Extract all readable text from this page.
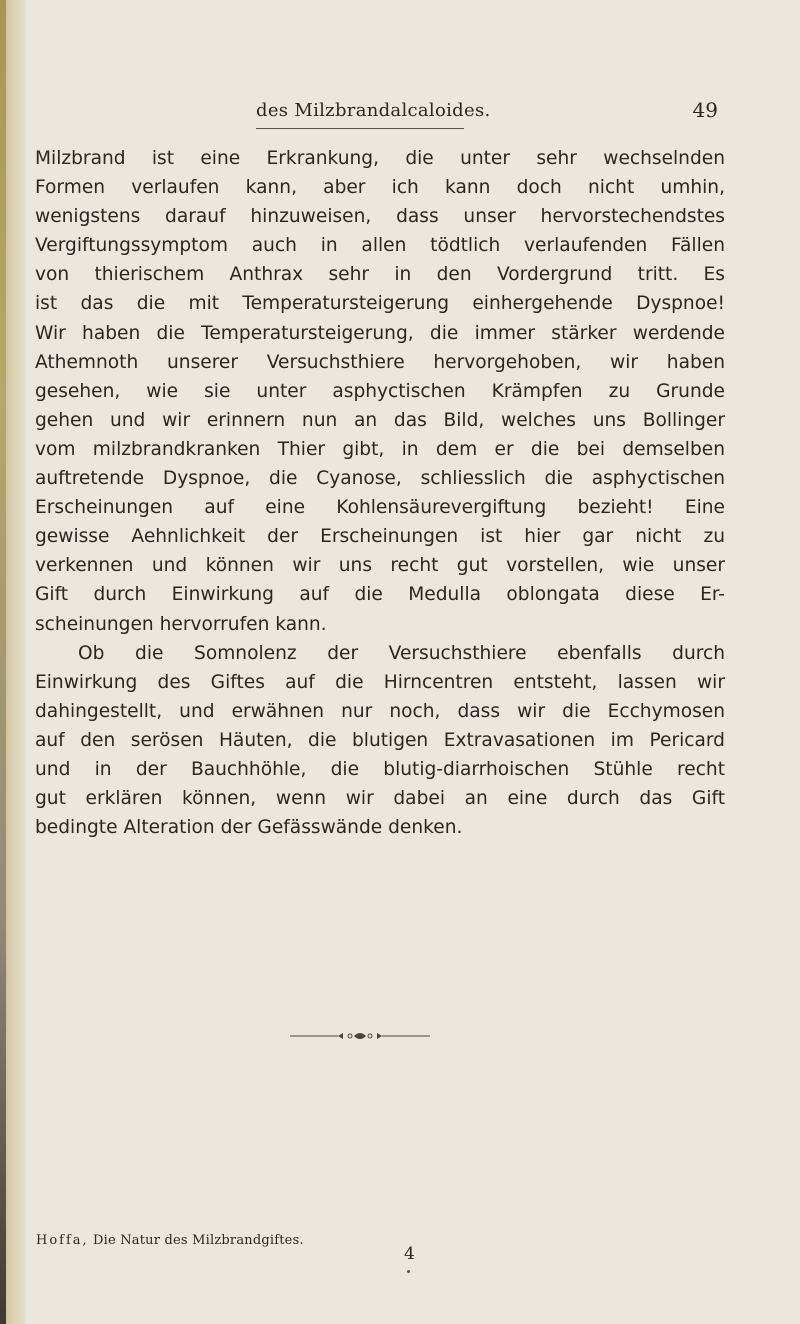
des Milzbrandalcaloides.	49
Milzbrand ist eine Erkrankung, die unter sehr wechselnden
Formen verlaufen kann, aber ich kann doch nicht umhin,
wenigstens darauf hinzuweisen, dass unser hervorstechendstes
Vergiftungssymptom auch in allen tödtlich verlaufenden Fällen
von thierischem Anthrax sehr in den Vordergrund tritt. Es
ist das die mit Temperatursteigerung einhergehende Dyspnoe!
Wir haben die Temperatursteigerung, die immer stärker werdende
Athemnoth unserer Versuchsthiere hervorgehoben, wir haben
gesehen, wie sie unter asphyctischen Krämpfen zu Grunde
gehen und wir erinnern nun an das Bild, welches uns Bollinger
vom milzbrandkranken Thier gibt, in dem er die bei demselben
auftretende Dyspnoe, die Cyanose, schliesslich die asphyctischen
Erscheinungen auf eine Kohlensäurevergiftung bezieht! Eine
gewisse Aehnlichkeit der Erscheinungen ist hier gar nicht zu
verkennen und können wir uns recht gut vorstellen, wie unser
Gift durch Einwirkung auf die Medulla oblongata diese Er-
scheinungen hervorrufen kann.
Ob die Somnolenz der Versuchsthiere ebenfalls durch
Einwirkung des Giftes auf die Hirncentren entsteht, lassen wir
dahingestellt, und erwähnen nur noch, dass wir die Ecchymosen
auf den serösen Häuten, die blutigen Extravasationen im Pericard
und in der Bauchhöhle, die blutig-diarrhoischen Stühle recht
gut erklären können, wenn wir dabei an eine durch das Gift
bedingte Alteration der Gefässwände denken.
Hoffa, Die Natur des Milzbrandgiftes.
4
